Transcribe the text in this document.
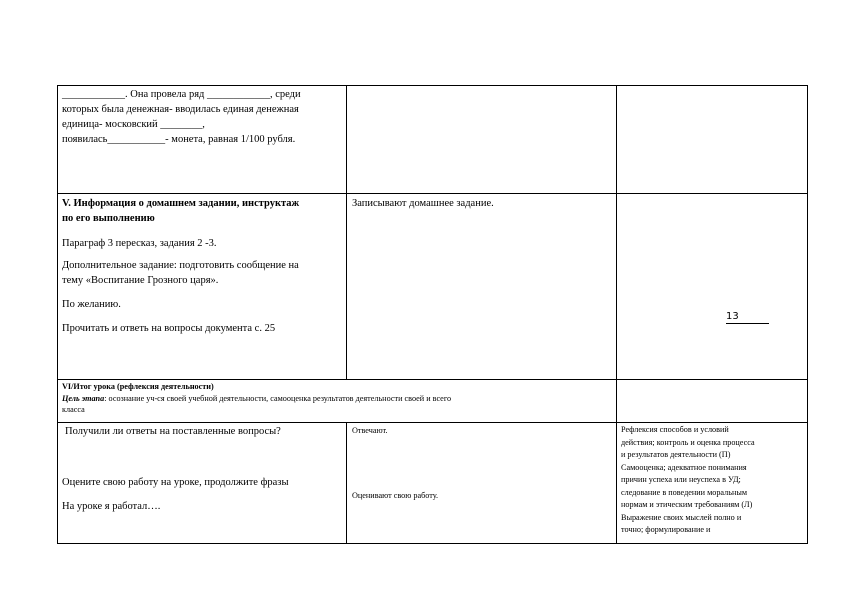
____________. Она провела ряд ____________, среди
которых была денежная- вводилась единая денежная
единица- московский ________,
появилась___________- монета, равная 1/100 рубля.
V. Информация о домашнем задании, инструктаж
по его выполнению

Параграф 3 пересказ, задания 2 -3.

Дополнительное задание: подготовить сообщение на
тему «Воспитание Грозного царя».

По желанию.

Прочитать и ответь на вопросы документа с. 25

Записывают домашнее задание.
13
VI/Итог урока (рефлексия деятельности)
Цель этапа: осознание уч-ся своей учебной деятельности, самооценка результатов деятельности своей и всего
класса
Получили ли ответы на поставленные вопросы?
Оцените свою работу на уроке, продолжите фразы
На уроке я работал….
Отвечают.
Оценивают свою работу.
Рефлексия способов и условий
действия; контроль и оценка процесса
и результатов деятельности (П)
Самооценка; адекватное понимания
причин успеха или неуспеха в УД;
следование в поведении моральным
нормам и этическим требованиям (Л)
Выражение своих мыслей полно и
точно; формулирование и
